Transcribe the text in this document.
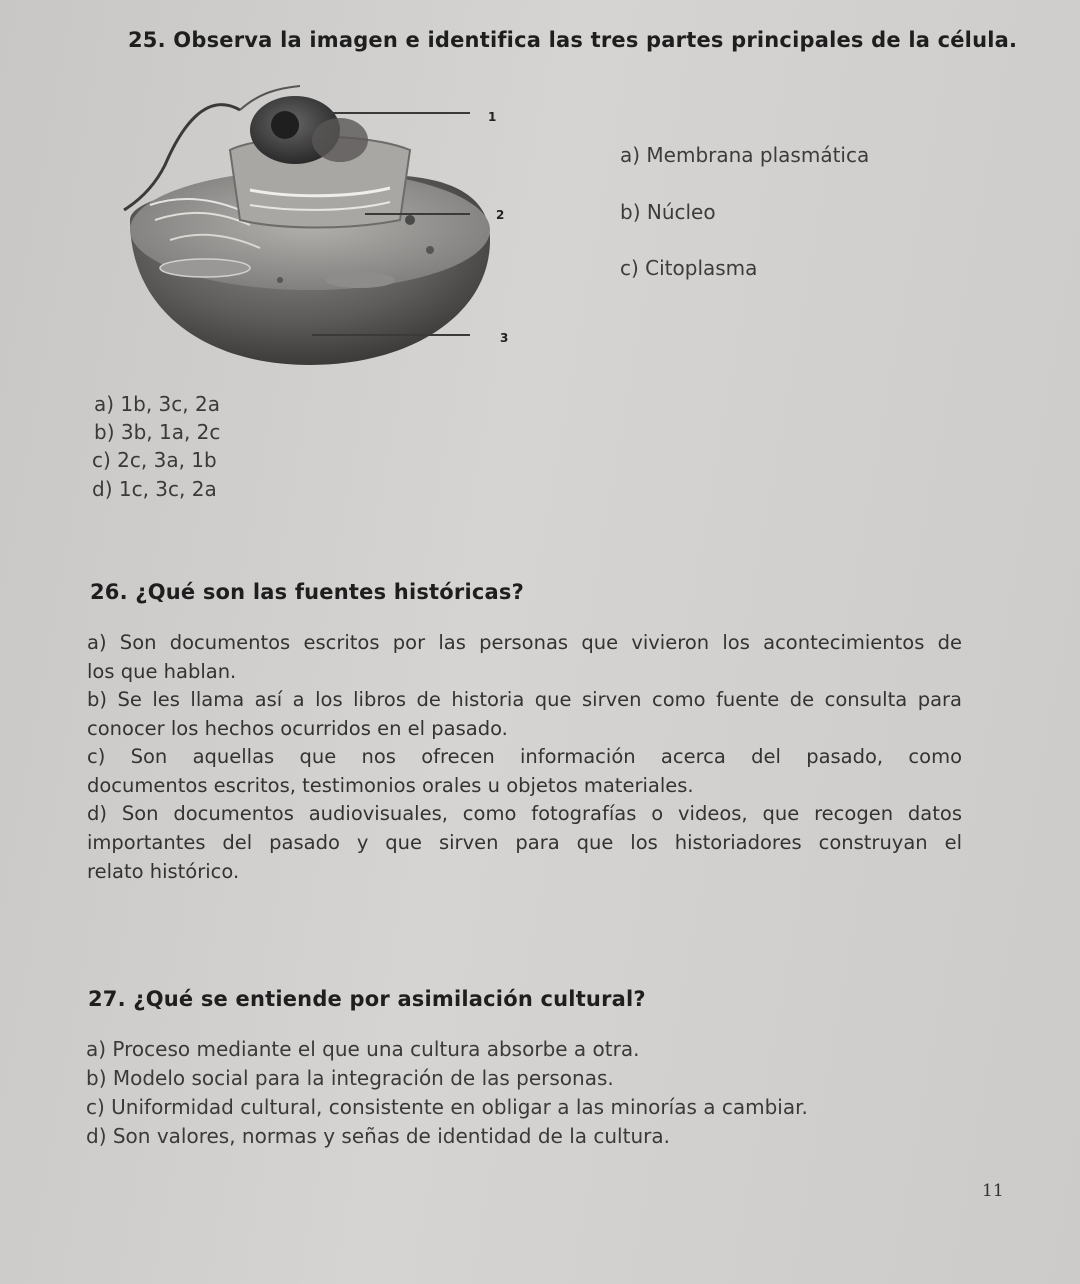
25. Observa la imagen e identifica las tres partes principales de la célula.
1
2
3
a) Membrana plasmática
b) Núcleo
c) Citoplasma
a) 1b, 3c, 2a
b) 3b, 1a, 2c
c) 2c, 3a, 1b
d) 1c, 3c, 2a
26. ¿Qué son las fuentes históricas?

a) Son documentos escritos por las personas que vivieron los acontecimientos de

los que hablan.

b) Se les llama así a los libros de historia que sirven como fuente de consulta para

conocer los hechos ocurridos en el pasado.

c) Son aquellas que nos ofrecen información acerca del pasado, como

documentos escritos, testimonios orales u objetos materiales.

d) Son documentos audiovisuales, como fotografías o videos, que recogen datos

importantes del pasado y que sirven para que los historiadores construyan el

relato histórico.

27. ¿Qué se entiende por asimilación cultural?
a) Proceso mediante el que una cultura absorbe a otra.
b) Modelo social para la integración de las personas.
c) Uniformidad cultural, consistente en obligar a las minorías a cambiar.
d) Son valores, normas y señas de identidad de la cultura.
11
